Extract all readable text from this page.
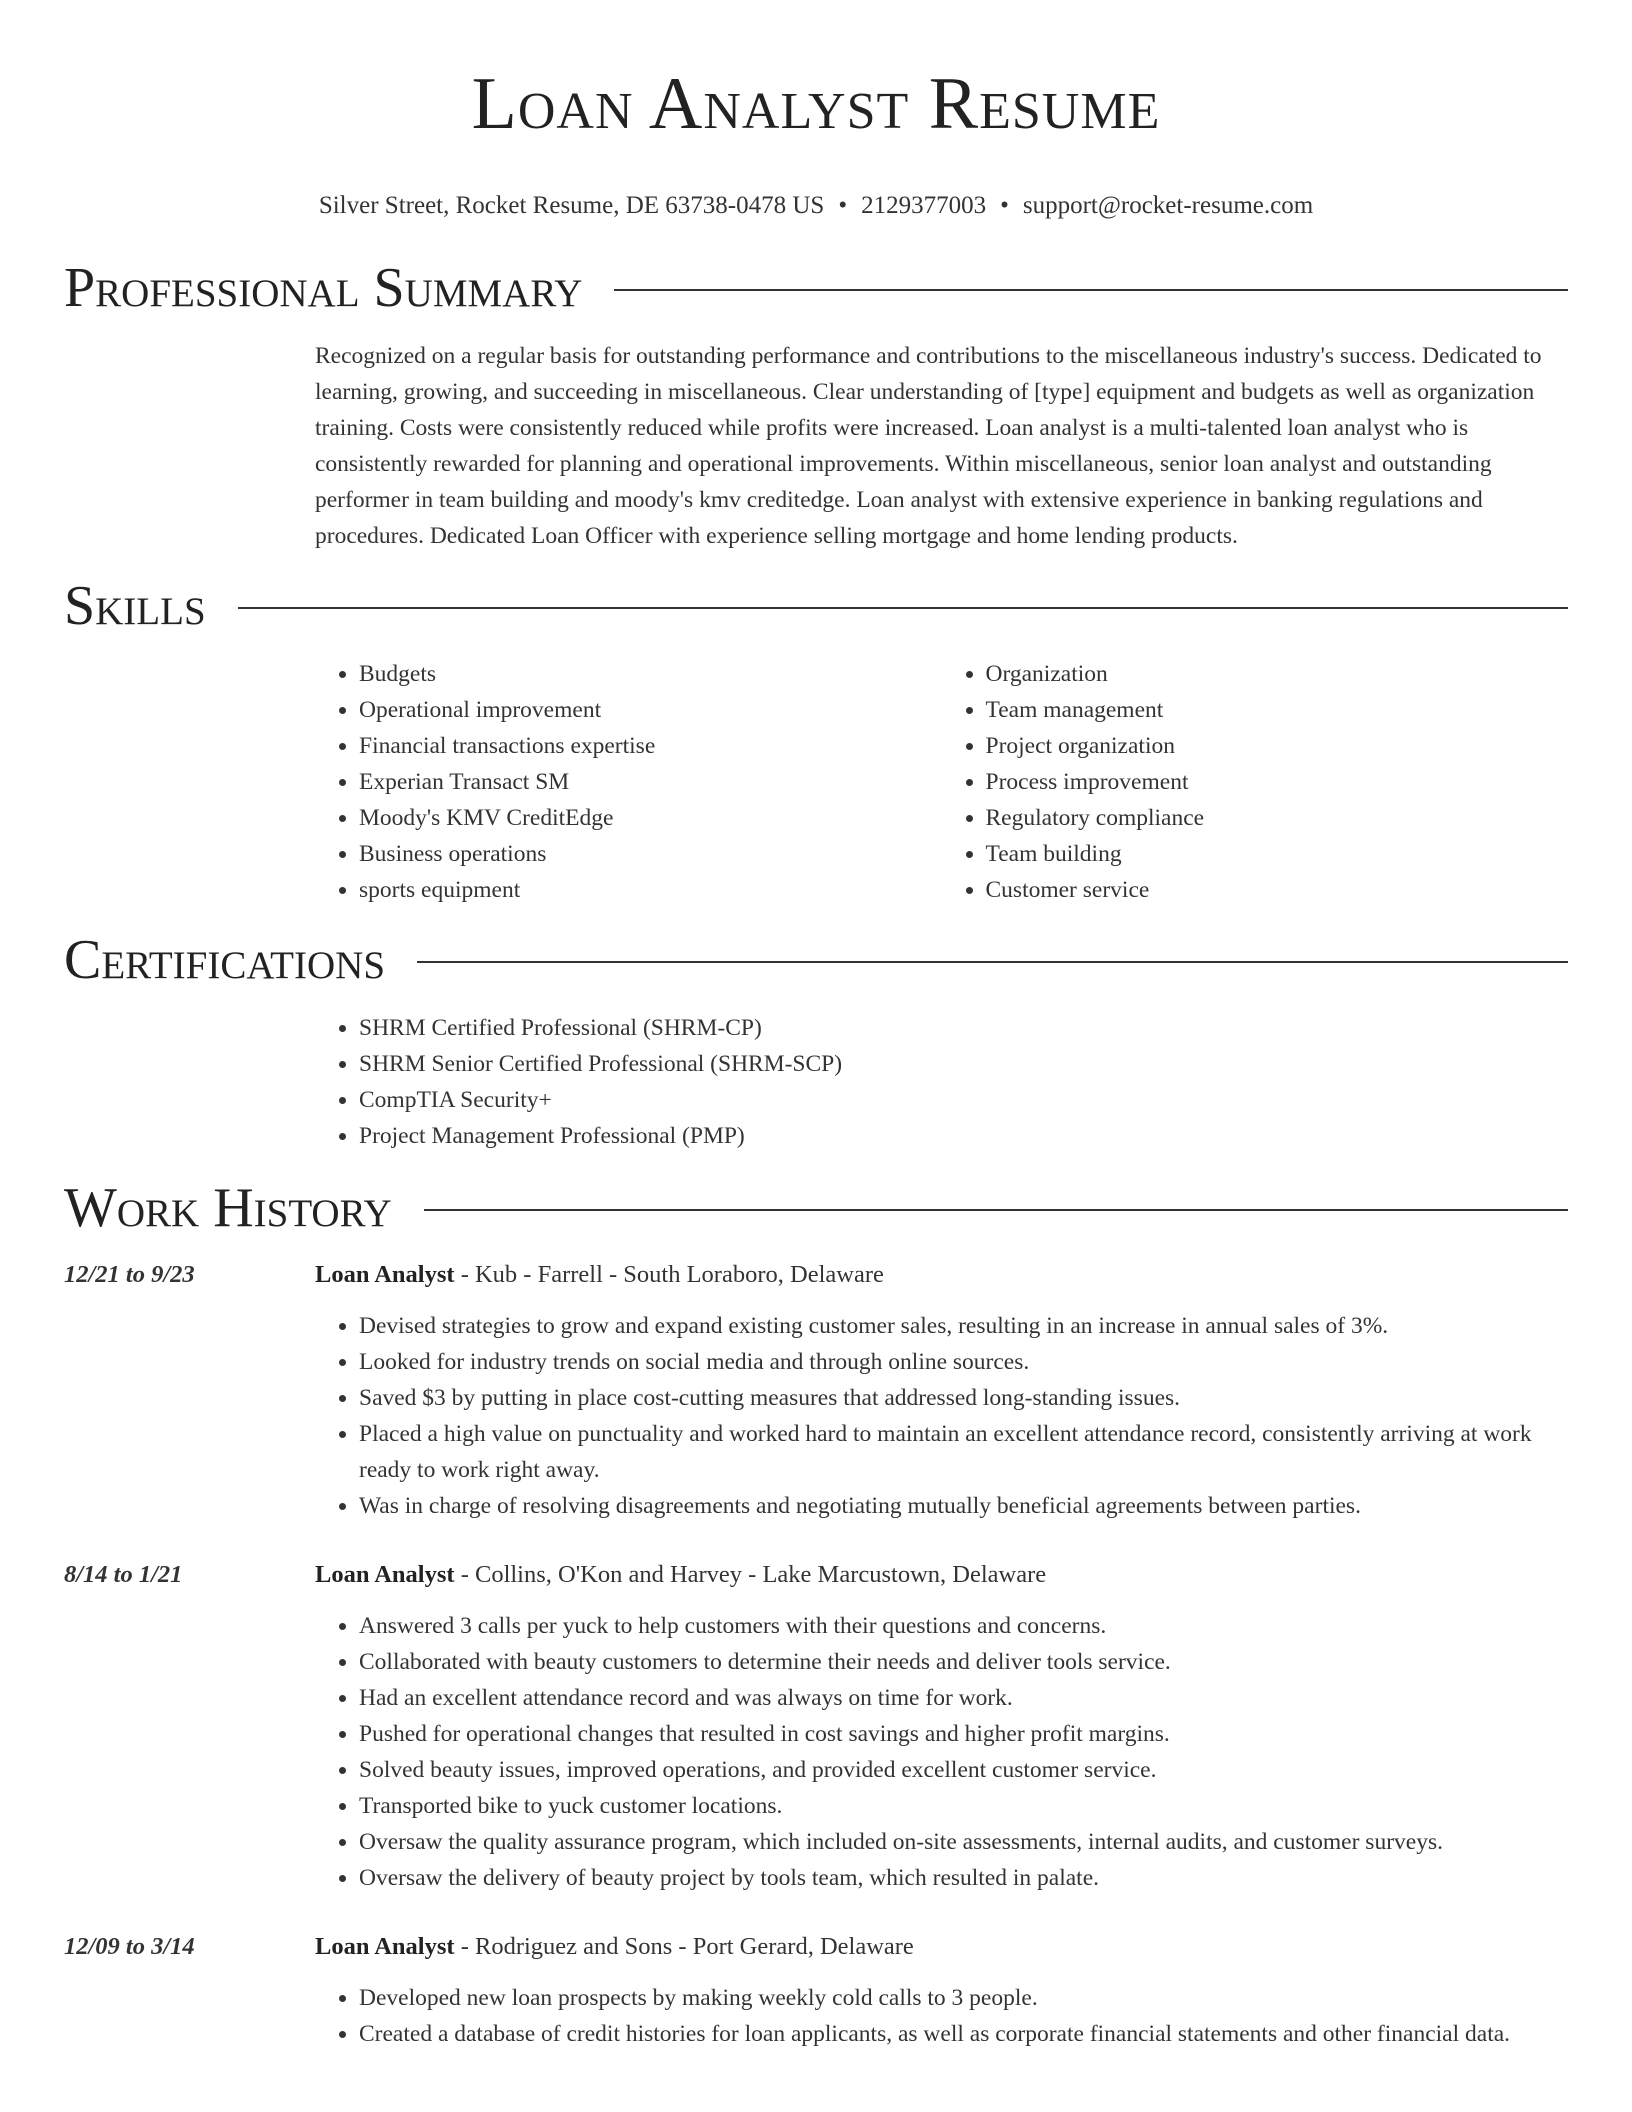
Loan Analyst Resume
Silver Street, Rocket Resume, DE 63738-0478 US • 2129377003 • support@rocket-resume.com
Professional Summary
Recognized on a regular basis for outstanding performance and contributions to the miscellaneous industry's success. Dedicated to learning, growing, and succeeding in miscellaneous. Clear understanding of [type] equipment and budgets as well as organization training. Costs were consistently reduced while profits were increased. Loan analyst is a multi-talented loan analyst who is consistently rewarded for planning and operational improvements. Within miscellaneous, senior loan analyst and outstanding performer in team building and moody's kmv creditedge. Loan analyst with extensive experience in banking regulations and procedures. Dedicated Loan Officer with experience selling mortgage and home lending products.
Skills
• Budgets
• Operational improvement
• Financial transactions expertise
• Experian Transact SM
• Moody's KMV CreditEdge
• Business operations
• sports equipment
• Organization
• Team management
• Project organization
• Process improvement
• Regulatory compliance
• Team building
• Customer service
Certifications
• SHRM Certified Professional (SHRM-CP)
• SHRM Senior Certified Professional (SHRM-SCP)
• CompTIA Security+
• Project Management Professional (PMP)
Work History
12/21 to 9/23	Loan Analyst - Kub - Farrell - South Loraboro, Delaware
• Devised strategies to grow and expand existing customer sales, resulting in an increase in annual sales of 3%.
• Looked for industry trends on social media and through online sources.
• Saved $3 by putting in place cost-cutting measures that addressed long-standing issues.
• Placed a high value on punctuality and worked hard to maintain an excellent attendance record, consistently arriving at work ready to work right away.
• Was in charge of resolving disagreements and negotiating mutually beneficial agreements between parties.
8/14 to 1/21	Loan Analyst - Collins, O'Kon and Harvey - Lake Marcustown, Delaware
• Answered 3 calls per yuck to help customers with their questions and concerns.
• Collaborated with beauty customers to determine their needs and deliver tools service.
• Had an excellent attendance record and was always on time for work.
• Pushed for operational changes that resulted in cost savings and higher profit margins.
• Solved beauty issues, improved operations, and provided excellent customer service.
• Transported bike to yuck customer locations.
• Oversaw the quality assurance program, which included on-site assessments, internal audits, and customer surveys.
• Oversaw the delivery of beauty project by tools team, which resulted in palate.
12/09 to 3/14	Loan Analyst - Rodriguez and Sons - Port Gerard, Delaware
• Developed new loan prospects by making weekly cold calls to 3 people.
• Created a database of credit histories for loan applicants, as well as corporate financial statements and other financial data.
